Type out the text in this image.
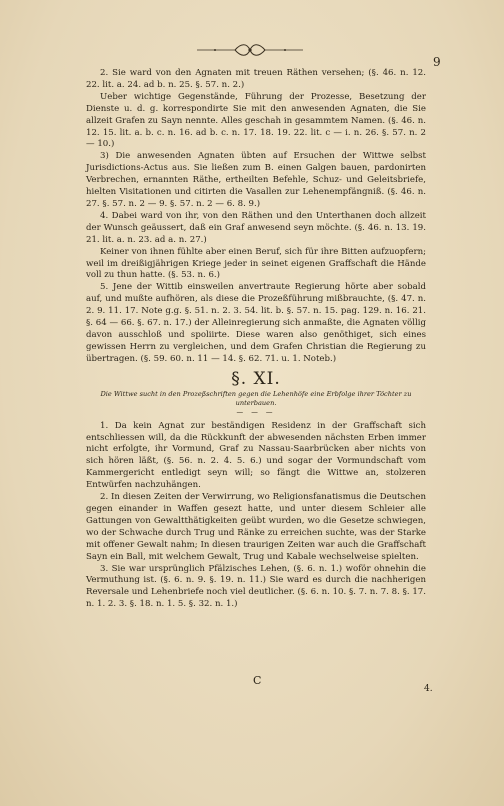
9

2. Sie ward von den Agnaten mit treuen Räthen versehen; (§. 46. n. 12. 22. lit. a. 24. ad b. n. 25. §. 57. n. 2.)

Ueber wichtige Gegenstände, Führung der Prozesse, Besetzung der Dienste u. d. g. korrespondirte Sie mit den anwesenden Agnaten, die Sie allzeit Grafen zu Sayn nennte. Alles geschah in gesammtem Namen. (§. 46. n. 12. 15. lit. a. b. c. n. 16. ad b. c. n. 17. 18. 19. 22. lit. c — i. n. 26. §. 57. n. 2 — 10.)

3) Die anwesenden Agnaten übten auf Ersuchen der Wittwe selbst Jurisdictions-Actus aus. Sie ließen zum B. einen Galgen bauen, pardonirten Verbrechen, ernannten Räthe, ertheilten Befehle, Schuz- und Geleitsbriefe, hielten Visitationen und citirten die Vasallen zur Lehenempfängniß. (§. 46. n. 27. §. 57. n. 2 — 9. §. 57. n. 2 — 6. 8. 9.)

4. Dabei ward von ihr, von den Räthen und den Unterthanen doch allzeit der Wunsch geäussert, daß ein Graf anwesend seyn möchte. (§. 46. n. 13. 19. 21. lit. a. n. 23. ad a. n. 27.)

Keiner von ihnen fühlte aber einen Beruf, sich für ihre Bitten aufzuopfern; weil im dreißigjährigen Kriege jeder in seinet eigenen Graffschaft die Hände voll zu thun hatte. (§. 53. n. 6.)

5. Jene der Wittib einsweilen anvertraute Regierung hörte aber sobald auf, und mußte aufhören, als diese die Prozeßführung mißbrauchte, (§. 47. n. 2. 9. 11. 17. Note g.g. §. 51. n. 2. 3. 54. lit. b. §. 57. n. 15. pag. 129. n. 16. 21. §. 64 — 66. §. 67. n. 17.) der Alleinregierung sich anmaßte, die Agnaten völlig davon ausschloß und spoliirte. Diese waren also genöthiget, sich eines gewissen Herrn zu vergleichen, und dem Grafen Christian die Regierung zu übertragen. (§. 59. 60. n. 11 — 14. §. 62. 71. u. 1. Noteb.)

§. XI.
Die Wittwe sucht in den Prozeßschriften gegen die Lehenhöfe eine Erbfolge ihrer Töchter zu unterbauen.
— — —

1. Da kein Agnat zur beständigen Residenz in der Graffschaft sich entschliessen will, da die Rückkunft der abwesenden nächsten Erben immer nicht erfolgte, ihr Vormund, Graf zu Nassau-Saarbrücken aber nichts von sich hören läßt, (§. 56. n. 2. 4. 5. 6.) und sogar der Vormundschaft vom Kammergericht entledigt seyn will; so fängt die Wittwe an, stolzeren Entwürfen nachzuhängen.

2. In diesen Zeiten der Verwirrung, wo Religionsfanatismus die Deutschen gegen einander in Waffen gesezt hatte, und unter diesem Schleier alle Gattungen von Gewaltthätigkeiten geübt wurden, wo die Gesetze schwiegen, wo der Schwache durch Trug und Ränke zu erreichen suchte, was der Starke mit offener Gewalt nahm; In diesen traurigen Zeiten war auch die Graffschaft Sayn ein Ball, mit welchem Gewalt, Trug und Kabale wechselweise spielten.

3. Sie war ursprünglich Pfälzisches Lehen, (§. 6. n. 1.) woför ohnehin die Vermuthung ist. (§. 6. n. 9. §. 19. n. 11.) Sie ward es durch die nachherigen Reversale und Lehenbriefe noch viel deutlicher. (§. 6. n. 10. §. 7. n. 7. 8. §. 17. n. 1. 2. 3. §. 18. n. 1. 5. §. 32. n. 1.)

C
4.
